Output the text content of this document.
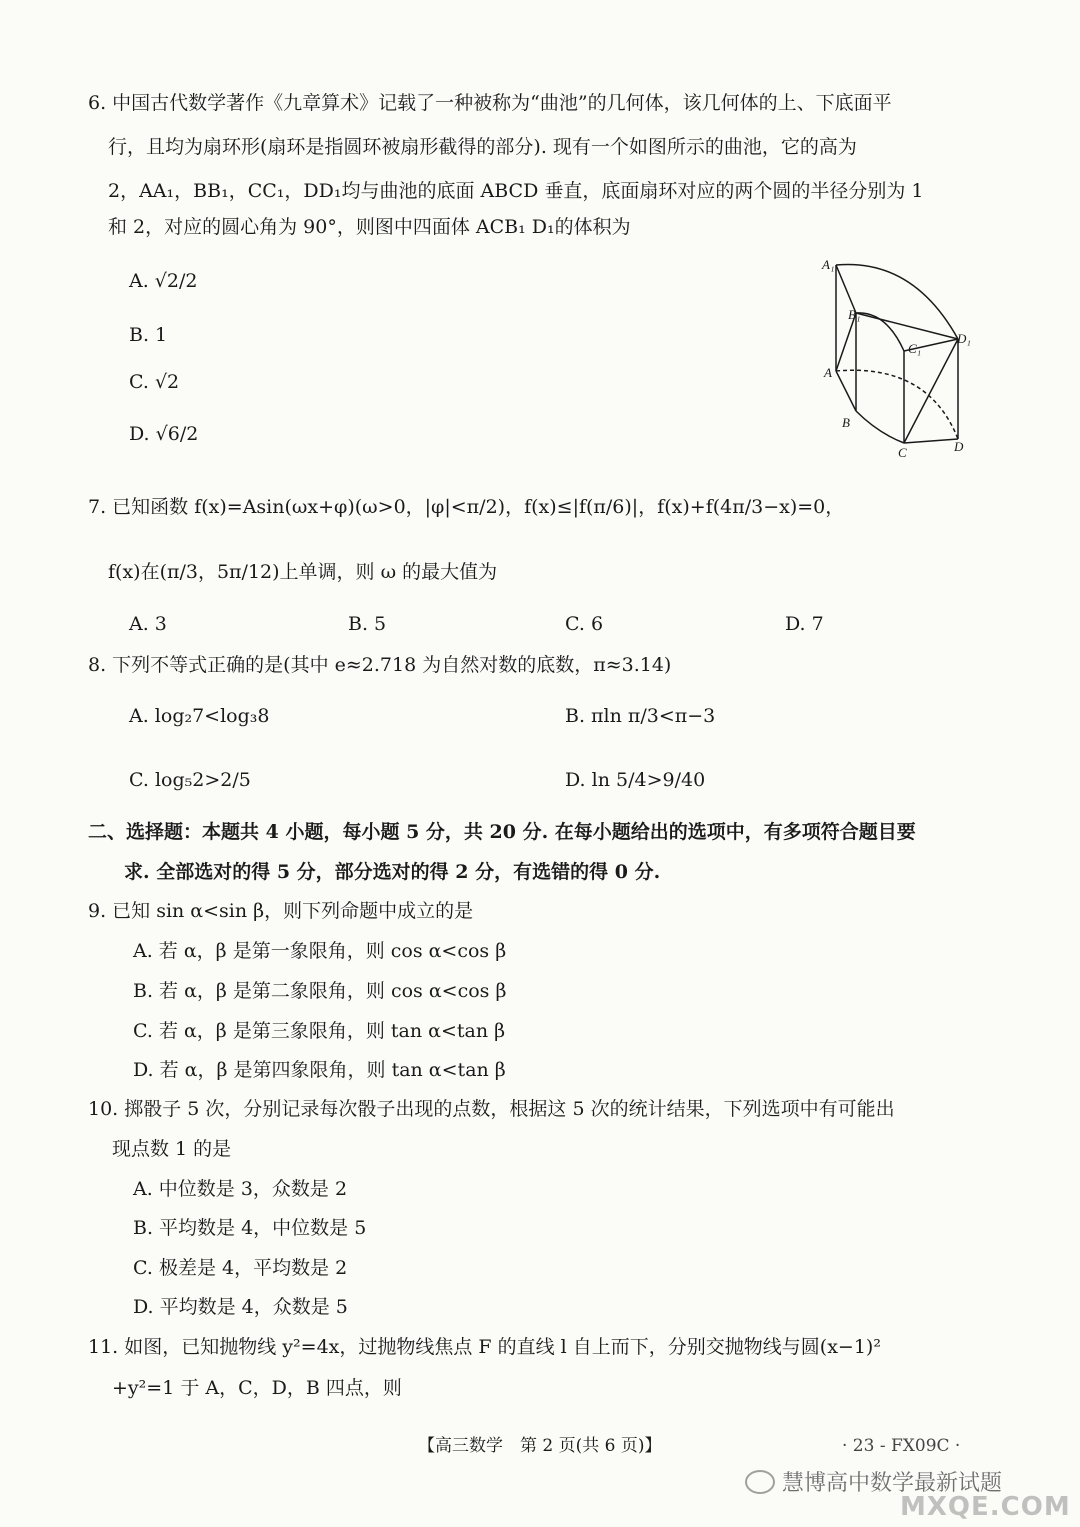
6. 中国古代数学著作《九章算术》记载了一种被称为“曲池”的几何体，该几何体的上、下底面平
行，且均为扇环形(扇环是指圆环被扇形截得的部分). 现有一个如图所示的曲池，它的高为
2，AA₁，BB₁，CC₁，DD₁均与曲池的底面 ABCD 垂直，底面扇环对应的两个圆的半径分别为 1
和 2，对应的圆心角为 90°，则图中四面体 ACB₁ D₁的体积为
A. √2/2
B. 1
C. √2
D. √6/2
A₁
B₁
C₁
D₁
A
B
C	D
7. 已知函数 f(x)=Asin(ωx+φ)(ω>0，|φ|<π/2)，f(x)≤|f(π/6)|，f(x)+f(4π/3−x)=0，
f(x)在(π/3，5π/12)上单调，则 ω 的最大值为
A. 3	B. 5	C. 6	D. 7
8. 下列不等式正确的是(其中 e≈2.718 为自然对数的底数，π≈3.14)
A. log₂7<log₃8	B. πln π/3<π−3
C. log₅2>2/5	D. ln 5/4>9/40
二、选择题：本题共 4 小题，每小题 5 分，共 20 分. 在每小题给出的选项中，有多项符合题目要
求. 全部选对的得 5 分，部分选对的得 2 分，有选错的得 0 分.
9. 已知 sin α<sin β，则下列命题中成立的是
A. 若 α，β 是第一象限角，则 cos α<cos β
B. 若 α，β 是第二象限角，则 cos α<cos β
C. 若 α，β 是第三象限角，则 tan α<tan β
D. 若 α，β 是第四象限角，则 tan α<tan β
10. 掷骰子 5 次，分别记录每次骰子出现的点数，根据这 5 次的统计结果，下列选项中有可能出
现点数 1 的是
A. 中位数是 3，众数是 2
B. 平均数是 4，中位数是 5
C. 极差是 4，平均数是 2
D. 平均数是 4，众数是 5
11. 如图，已知抛物线 y²=4x，过抛物线焦点 F 的直线 l 自上而下，分别交抛物线与圆(x−1)²
+y²=1 于 A，C，D，B 四点，则
【高三数学　第 2 页(共 6 页)】	· 23 - FX09C ·
慧博高中数学最新试题
MXQE.COM
